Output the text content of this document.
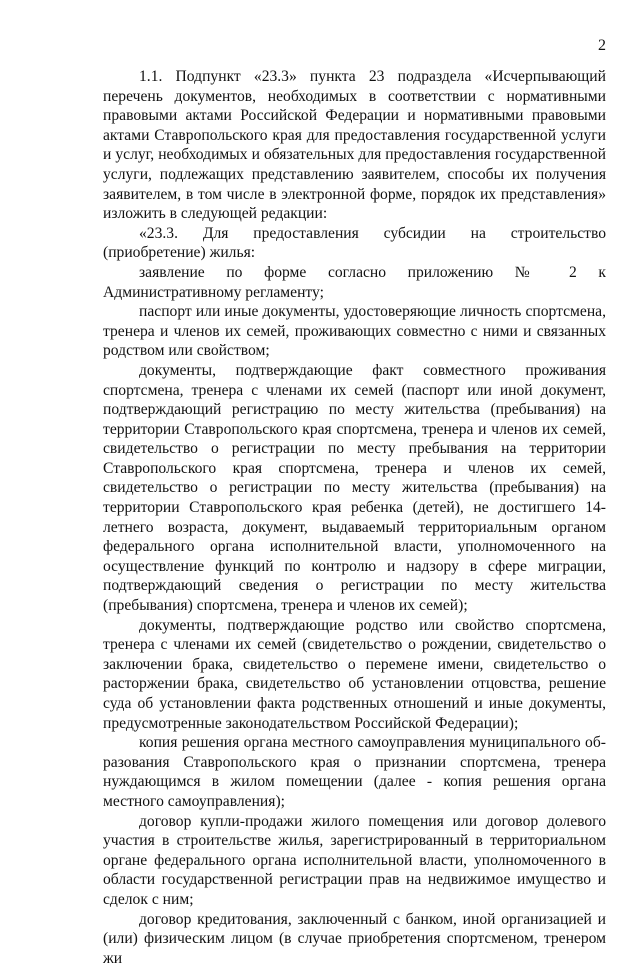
2

1.1. Подпункт «23.3» пункта 23 подраздела «Исчерпывающий перечень документов, необходимых в соответствии с нормативными правовыми актами Российской Федерации и нормативными правовыми актами Ставропольского края для предоставления государственной услуги и услуг, необходимых и обязательных для предоставления государственной услуги, подлежащих представлению заявителем, способы их получения заявителем, в том числе в электронной форме, порядок их представления» изложить в следующей редакции:

«23.3. Для предоставления субсидии на строительство (приобретение) жилья:

заявление по форме согласно приложению № 2 к Административному регламенту;

паспорт или иные документы, удостоверяющие личность спортсмена, тренера и членов их семей, проживающих совместно с ними и связанных родством или свойством;

документы, подтверждающие факт совместного проживания спортсмена, тренера с членами их семей (паспорт или иной документ, подтверждающий регистрацию по месту жительства (пребывания) на территории Ставропольского края спортсмена, тренера и членов их семей, свидетельство о регистрации по месту пребывания на территории Ставропольского края спортсмена, тренера и членов их семей, свидетельство о регистрации по месту жительства (пребывания) на территории Ставропольского края ребенка (детей), не достигшего 14-летнего возраста, документ, выдаваемый территориальным органом федерального органа исполнительной власти, уполномоченного на осуществление функций по контролю и надзору в сфере миграции, подтверждающий сведения о регистрации по месту жительства (пребывания) спортсмена, тренера и членов их семей);

документы, подтверждающие родство или свойство спортсмена, тренера с членами их семей (свидетельство о рождении, свидетельство о заключении брака, свидетельство о перемене имени, свидетельство о расторжении брака, свидетельство об установлении отцовства, решение суда об установлении факта родственных отношений и иные документы, предусмотренные законодательством Российской Федерации);

копия решения органа местного самоуправления муниципального образования Ставропольского края о признании спортсмена, тренера нуждающимся в жилом помещении (далее - копия решения органа местного самоуправления);

договор купли-продажи жилого помещения или договор долевого участия в строительстве жилья, зарегистрированный в территориальном органе федерального органа исполнительной власти, уполномоченного в области государственной регистрации прав на недвижимое имущество и сделок с ним;

договор кредитования, заключенный с банком, иной организацией и (или) физическим лицом (в случае приобретения спортсменом, тренером жи
